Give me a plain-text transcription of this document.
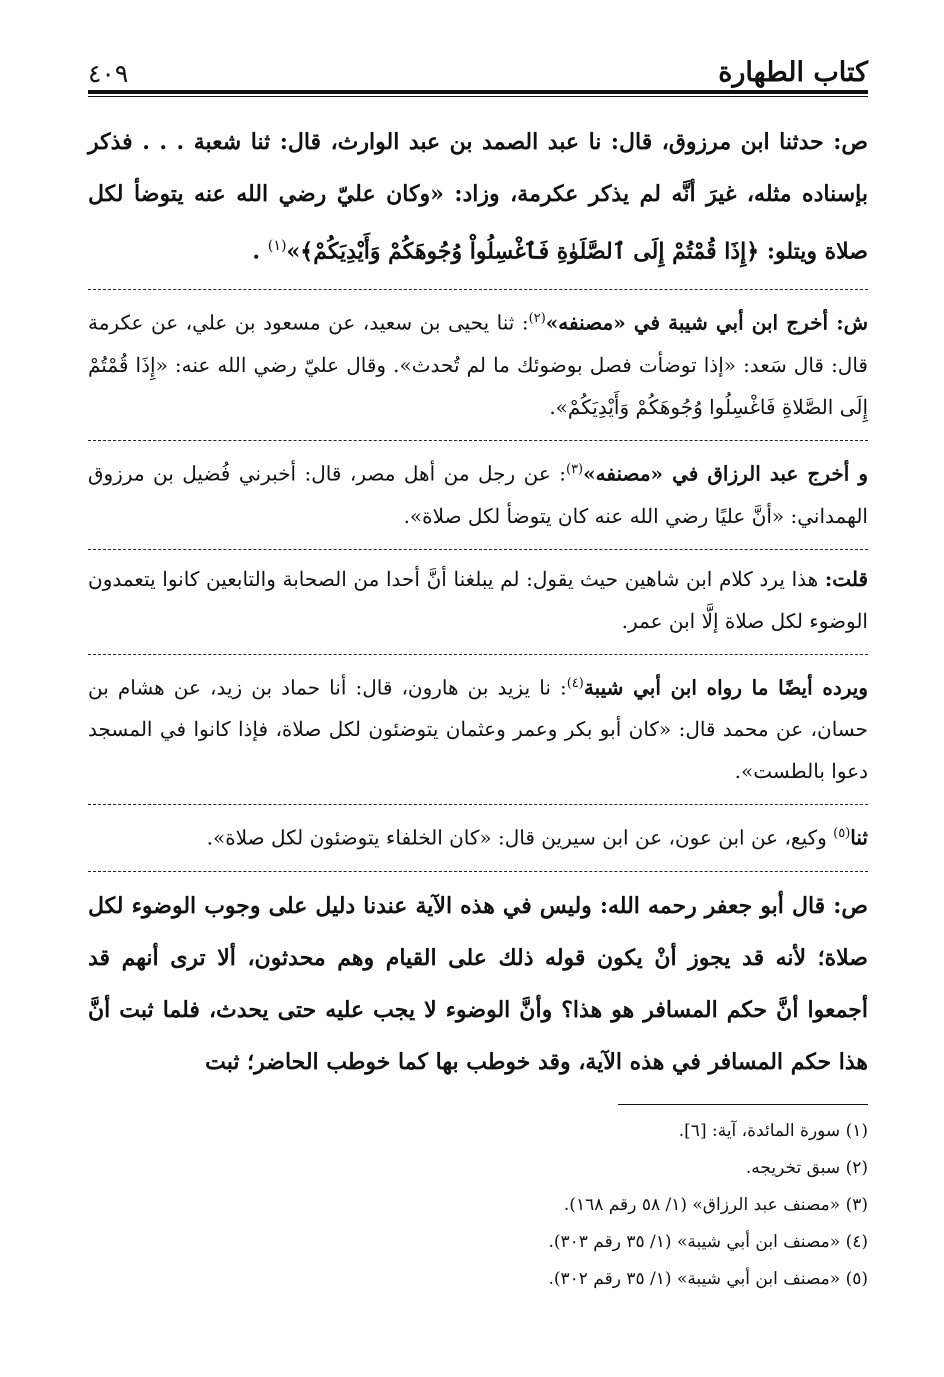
كتاب الطهارة
٤٠٩

ص: حدثنا ابن مرزوق، قال: نا عبد الصمد بن عبد الوارث، قال: ثنا شعبة . . . فذكر بإسناده مثله، غيرَ أنَّه لم يذكر عكرمة، وزاد: «وكان عليّ رضي الله عنه يتوضأ لكل صلاة ويتلو: ﴿إِذَا قُمْتُمْ إِلَى ٱلصَّلَوٰةِ فَٱغْسِلُواْ وُجُوهَكُمْ وَأَيْدِيَكُمْ﴾»$^{(١)}$ .

ش: أخرج ابن أبي شيبة في «مصنفه»$^{(٢)}$: ثنا يحيى بن سعيد، عن مسعود بن علي، عن عكرمة قال: قال سَعد: «إذا توضأت فصل بوضوئك ما لم تُحدث». وقال عليّ رضي الله عنه: «إِذَا قُمْتُمْ إِلَى الصَّلاةِ فَاغْسِلُوا وُجُوهَكُمْ وَأَيْدِيَكُمْ».

و أخرج عبد الرزاق في «مصنفه»$^{(٣)}$: عن رجل من أهل مصر، قال: أخبرني فُضيل بن مرزوق الهمداني: «أنَّ عليًا رضي الله عنه كان يتوضأ لكل صلاة».

قلت: هذا يرد كلام ابن شاهين حيث يقول: لم يبلغنا أنَّ أحدا من الصحابة والتابعين كانوا يتعمدون الوضوء لكل صلاة إلَّا ابن عمر.

ويرده أيضًا ما رواه ابن أبي شيبة$^{(٤)}$: نا يزيد بن هارون، قال: أنا حماد بن زيد، عن هشام بن حسان، عن محمد قال: «كان أبو بكر وعمر وعثمان يتوضئون لكل صلاة، فإذا كانوا في المسجد دعوا بالطست».

ثنا$^{(٥)}$ وكيع، عن ابن عون، عن ابن سيرين قال: «كان الخلفاء يتوضئون لكل صلاة».

ص: قال أبو جعفر رحمه الله: وليس في هذه الآية عندنا دليل على وجوب الوضوء لكل صلاة؛ لأنه قد يجوز أنْ يكون قوله ذلك على القيام وهم محدثون، ألا ترى أنهم قد أجمعوا أنَّ حكم المسافر هو هذا؟ وأنَّ الوضوء لا يجب عليه حتى يحدث، فلما ثبت أنَّ هذا حكم المسافر في هذه الآية، وقد خوطب بها كما خوطب الحاضر؛ ثبت

(١) سورة المائدة، آية: [٦].
(٢) سبق تخريجه.
(٣) «مصنف عبد الرزاق» (١/ ٥٨ رقم ١٦٨).
(٤) «مصنف ابن أبي شيبة» (١/ ٣٥ رقم ٣٠٣).
(٥) «مصنف ابن أبي شيبة» (١/ ٣٥ رقم ٣٠٢).
